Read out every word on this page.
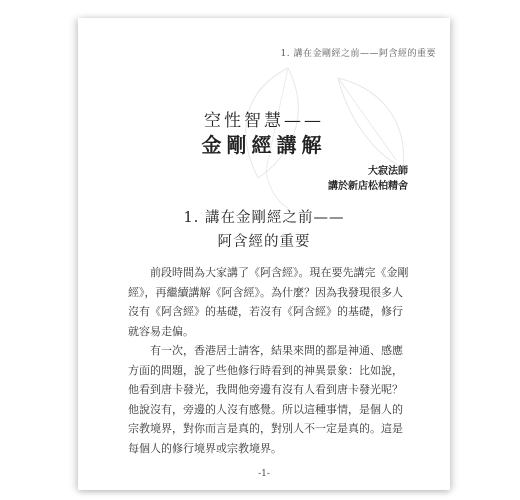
1. 講在金剛經之前——阿含經的重要
空性智慧——
金剛經講解
大寂法師
講於新店松柏精舍
1. 講在金剛經之前——
阿含經的重要

前段時間為大家講了《阿含經》。現在要先講完《金剛經》，再繼續講解《阿含經》。為什麼？因為我發現很多人沒有《阿含經》的基礎，若沒有《阿含經》的基礎，修行就容易走偏。

有一次，香港居士請客，結果來問的都是神通、感應方面的問題，說了些他修行時看到的神異景象：比如說，他看到唐卡發光，我問他旁邊有沒有人看到唐卡發光呢？他說沒有，旁邊的人沒有感覺。所以這種事情，是個人的宗教境界，對你而言是真的，對別人不一定是真的。這是每個人的修行境界或宗教境界。

-1-
